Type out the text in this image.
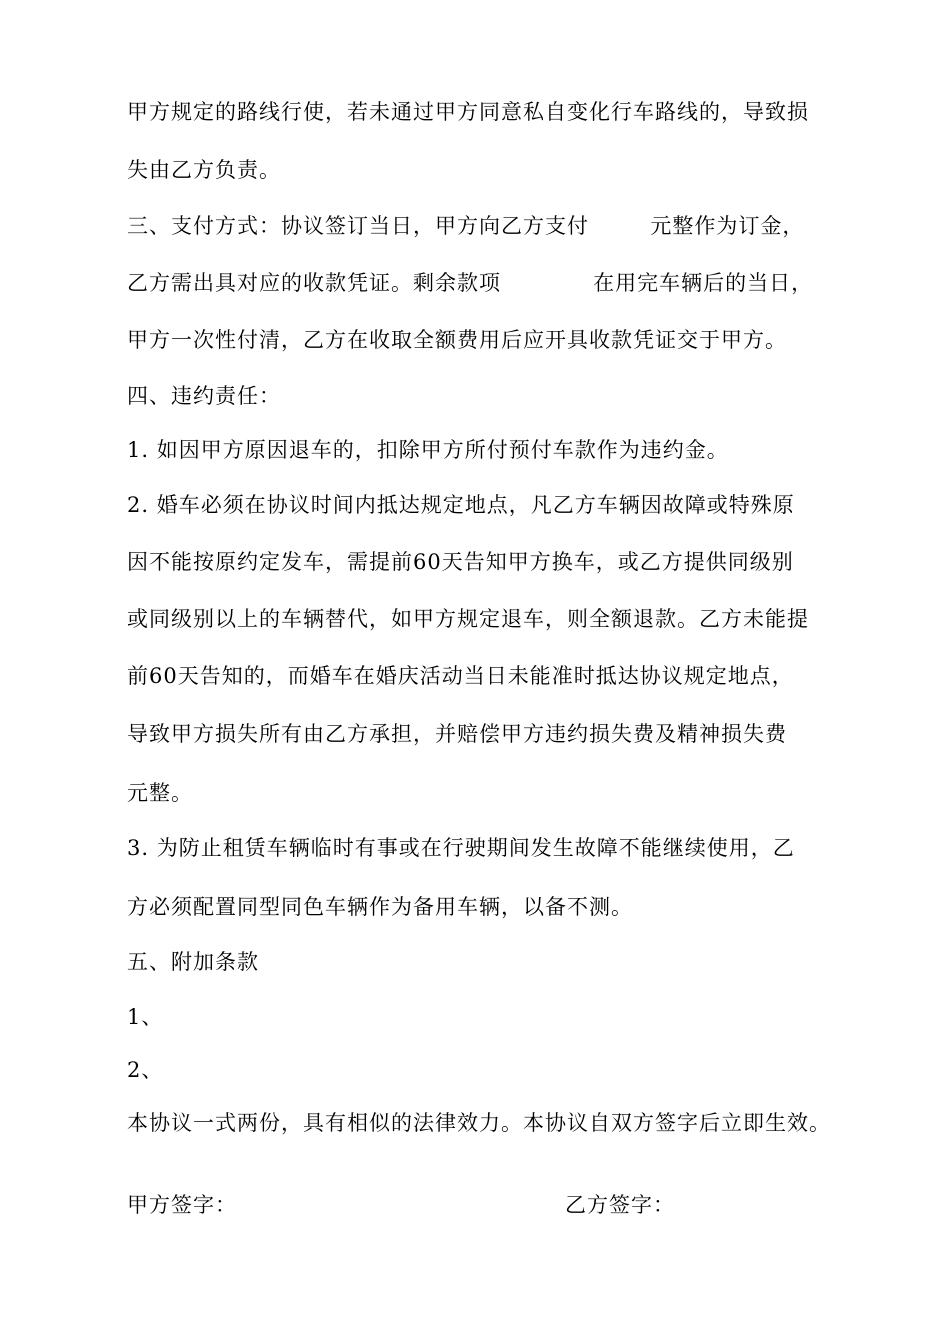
甲方规定的路线行使，若未通过甲方同意私自变化行车路线的，导致损
失由乙方负责。
三、支付方式：协议签订当日，甲方向乙方支付        元整作为订金，
乙方需出具对应的收款凭证。剩余款项            在用完车辆后的当日，
甲方一次性付清，乙方在收取全额费用后应开具收款凭证交于甲方。
四、违约责任：
1. 如因甲方原因退车的，扣除甲方所付预付车款作为违约金。
2. 婚车必须在协议时间内抵达规定地点，凡乙方车辆因故障或特殊原
因不能按原约定发车，需提前60天告知甲方换车，或乙方提供同级别
或同级别以上的车辆替代，如甲方规定退车，则全额退款。乙方未能提
前60天告知的，而婚车在婚庆活动当日未能准时抵达协议规定地点，
导致甲方损失所有由乙方承担，并赔偿甲方违约损失费及精神损失费
元整。
3. 为防止租赁车辆临时有事或在行驶期间发生故障不能继续使用，乙
方必须配置同型同色车辆作为备用车辆，以备不测。
五、附加条款
1、
2、
本协议一式两份，具有相似的法律效力。本协议自双方签字后立即生效。
甲方签字：	乙方签字：
